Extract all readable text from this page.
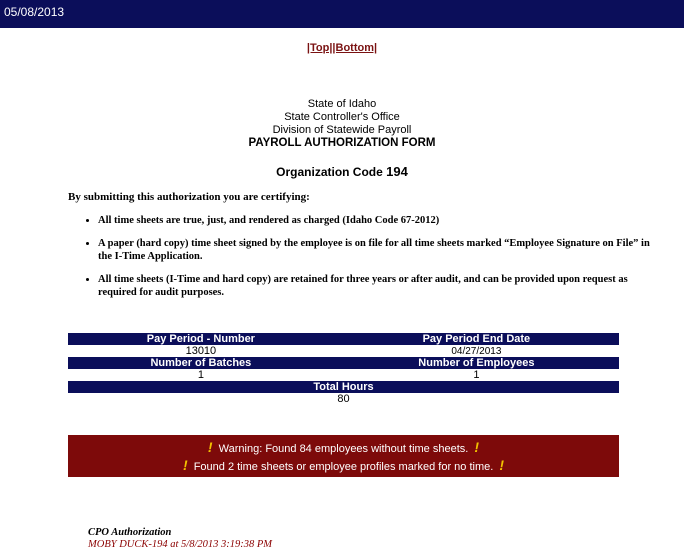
05/08/2013
|Top||Bottom|
State of Idaho
State Controller's Office
Division of Statewide Payroll
PAYROLL AUTHORIZATION FORM
Organization Code 194
By submitting this authorization you are certifying:
• All time sheets are true, just, and rendered as charged (Idaho Code 67-2012)
• A paper (hard copy) time sheet signed by the employee is on file for all time sheets marked “Employee Signature on File” in the I-Time Application.
• All time sheets (I-Time and hard copy) are retained for three years or after audit, and can be provided upon request as required for audit purposes.
Pay Period - Number	Pay Period End Date
13010	04/27/2013
Number of Batches	Number of Employees
1	1
Total Hours	
80	
! Warning: Found 84 employees without time sheets. !
! Found 2 time sheets or employee profiles marked for no time. !
CPO Authorization
MOBY DUCK-194 at 5/8/2013 3:19:38 PM
